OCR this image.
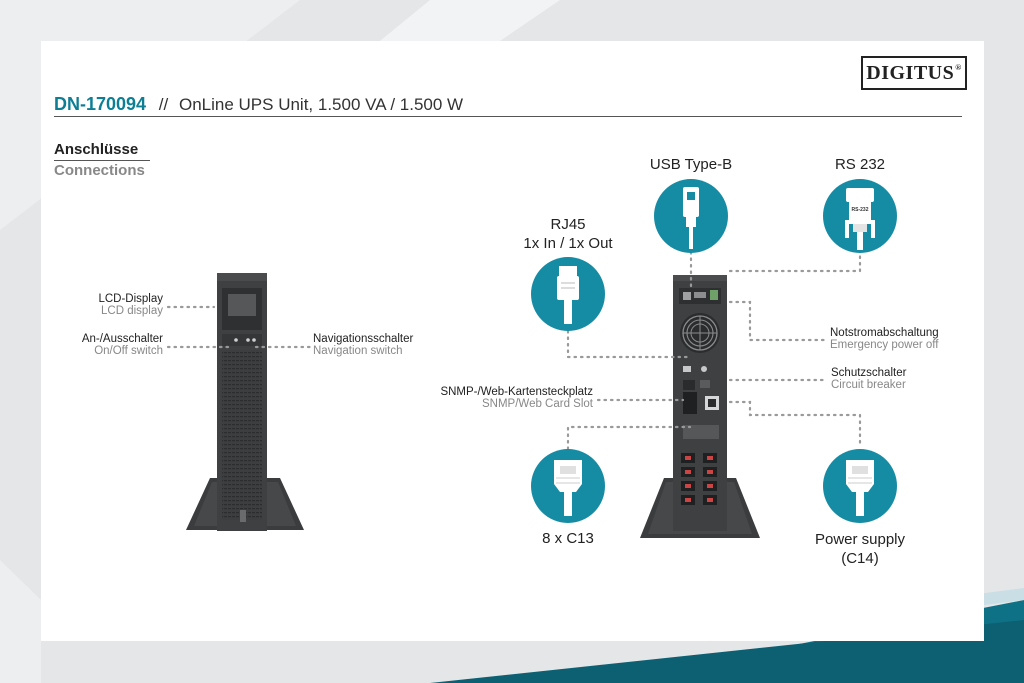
DIGITUS ®
DN-170094 // OnLine UPS Unit, 1.500 VA / 1.500 W
Anschlüsse
Connections
RS-232
LCD-Display
LCD display
An-/Ausschalter
On/Off switch
Navigationsschalter
Navigation switch
Notstromabschaltung
Emergency power off
Schutzschalter
Circuit breaker
SNMP-/Web-Kartensteckplatz
SNMP/Web Card Slot
USB Type-B	RS 232
RJ45
1x In / 1x Out
8 x C13	Power supply
(C14)
